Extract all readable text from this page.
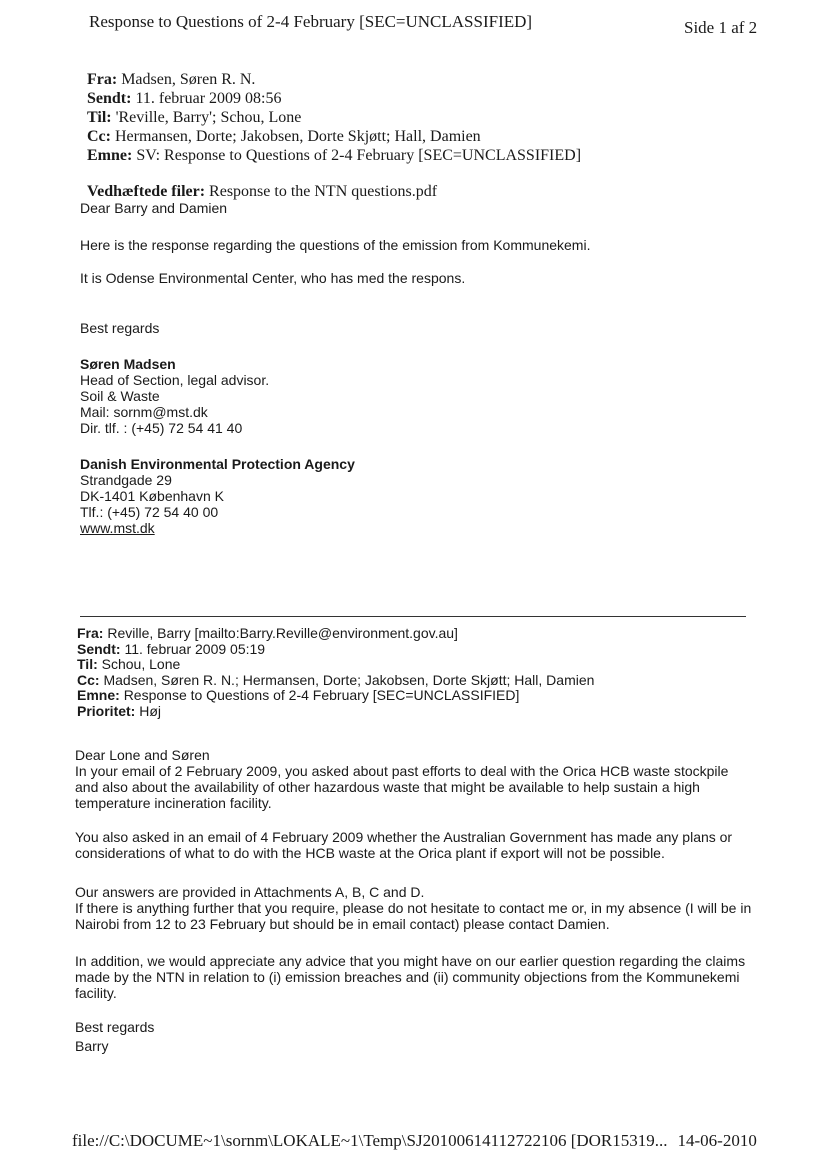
Response to Questions of 2-4 February [SEC=UNCLASSIFIED]	Side 1 af 2
Fra: Madsen, Søren R. N.
Sendt: 11. februar 2009 08:56
Til: 'Reville, Barry'; Schou, Lone
Cc: Hermansen, Dorte; Jakobsen, Dorte Skjøtt; Hall, Damien
Emne: SV: Response to Questions of 2-4 February [SEC=UNCLASSIFIED]
Vedhæftede filer: Response to the NTN questions.pdf
Dear Barry and Damien
Here is the response regarding the questions of the emission from Kommunekemi.
It is Odense Environmental Center, who has med the respons.
Best regards
Søren Madsen
Head of Section, legal advisor.
Soil & Waste
Mail: sornm@mst.dk
Dir. tlf. : (+45) 72 54 41 40
Danish Environmental Protection Agency
Strandgade 29
DK-1401 København K
Tlf.: (+45) 72 54 40 00
www.mst.dk
Fra: Reville, Barry [mailto:Barry.Reville@environment.gov.au]
Sendt: 11. februar 2009 05:19
Til: Schou, Lone
Cc: Madsen, Søren R. N.; Hermansen, Dorte; Jakobsen, Dorte Skjøtt; Hall, Damien
Emne: Response to Questions of 2-4 February [SEC=UNCLASSIFIED]
Prioritet: Høj
Dear Lone and Søren
In your email of 2 February 2009, you asked about past efforts to deal with the Orica HCB waste stockpile and also about the availability of other hazardous waste that might be available to help sustain a high temperature incineration facility.
You also asked in an email of 4 February 2009 whether the Australian Government has made any plans or considerations of what to do with the HCB waste at the Orica plant if export will not be possible.
Our answers are provided in Attachments A, B, C and D.
If there is anything further that you require, please do not hesitate to contact me or, in my absence (I will be in Nairobi from 12 to 23 February but should be in email contact) please contact Damien.
In addition, we would appreciate any advice that you might have on our earlier question regarding the claims made by the NTN in relation to (i) emission breaches and (ii) community objections from the Kommunekemi facility.
Best regards
Barry
file://C:\DOCUME~1\sornm\LOKALE~1\Temp\SJ20100614112722106 [DOR15319... 14-06-2010
